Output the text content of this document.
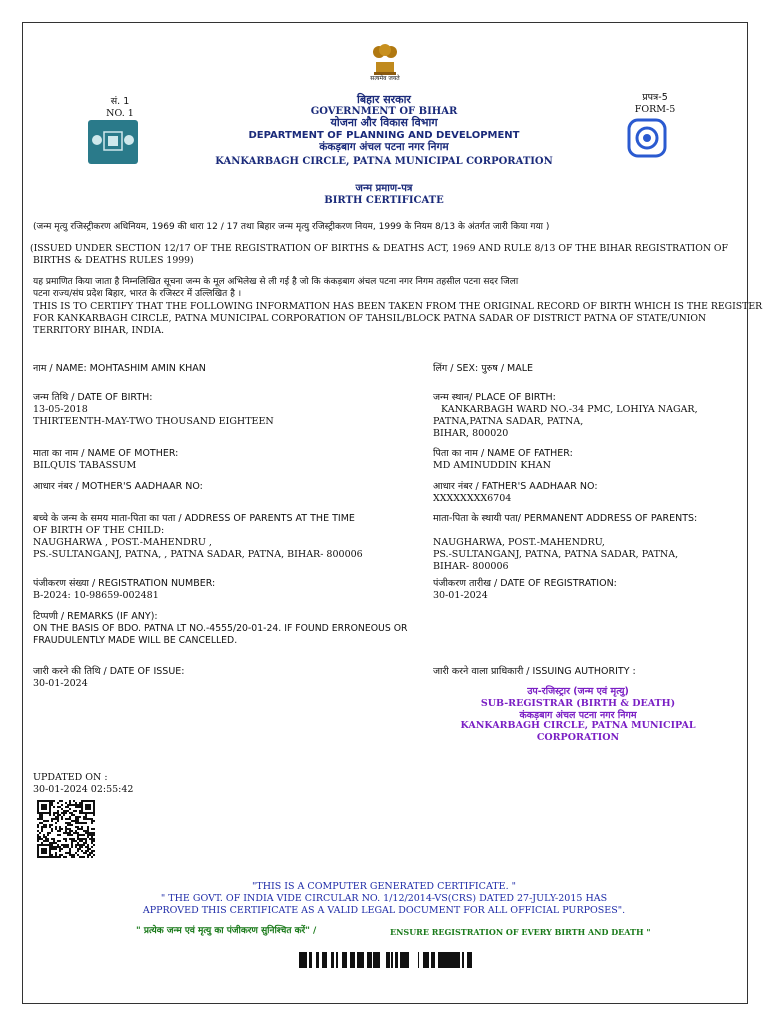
सत्यमेव जयते
सं. 1
NO. 1
प्रपत्र-5
FORM-5
बिहार सरकार
GOVERNMENT OF BIHAR
योजना और विकास विभाग
DEPARTMENT OF PLANNING AND DEVELOPMENT
कंकड़बाग अंचल पटना नगर निगम
KANKARBAGH CIRCLE, PATNA MUNICIPAL CORPORATION
जन्म प्रमाण-पत्र
BIRTH CERTIFICATE
(जन्म मृत्यु रजिस्ट्रीकरण अधिनियम, 1969 की धारा 12 / 17 तथा बिहार जन्म मृत्यु रजिस्ट्रीकरण नियम, 1999 के नियम 8/13 के अंतर्गत जारी किया गया )
(ISSUED UNDER SECTION 12/17 OF THE REGISTRATION OF BIRTHS & DEATHS ACT, 1969 AND RULE 8/13 OF THE BIHAR REGISTRATION OF
BIRTHS & DEATHS RULES 1999)
यह प्रमाणित किया जाता है निम्नलिखित सूचना जन्म के मूल अभिलेख से ली गई है जो कि कंकड़बाग अंचल पटना नगर निगम तहसील पटना सदर जिला
पटना राज्य/संघ प्रदेश बिहार, भारत के रजिस्टर में उल्लिखित है ।
THIS IS TO CERTIFY THAT THE FOLLOWING INFORMATION HAS BEEN TAKEN FROM THE ORIGINAL RECORD OF BIRTH WHICH IS THE REGISTER
FOR KANKARBAGH CIRCLE, PATNA MUNICIPAL CORPORATION OF TAHSIL/BLOCK PATNA SADAR OF DISTRICT PATNA OF STATE/UNION
TERRITORY BIHAR, INDIA.
नाम / NAME: MOHTASHIM AMIN KHAN
जन्म तिथि / DATE OF BIRTH:
13-05-2018
THIRTEENTH-MAY-TWO THOUSAND EIGHTEEN
माता का नाम / NAME OF MOTHER:
BILQUIS TABASSUM
आधार नंबर / MOTHER'S AADHAAR NO:
बच्चे के जन्म के समय माता-पिता का पता / ADDRESS OF PARENTS AT THE TIME
OF BIRTH OF THE CHILD:
NAUGHARWA , POST.-MAHENDRU ,
PS.-SULTANGANJ, PATNA, , PATNA SADAR, PATNA, BIHAR- 800006
पंजीकरण संख्या / REGISTRATION NUMBER:
B-2024: 10-98659-002481
टिप्पणी / REMARKS (IF ANY):
ON THE BASIS OF BDO. PATNA LT NO.-4555/20-01-24. IF FOUND ERRONEOUS OR
FRAUDULENTLY MADE WILL BE CANCELLED.
जारी करने की तिथि / DATE OF ISSUE:
30-01-2024
लिंग / SEX: पुरुष / MALE
जन्म स्थान/ PLACE OF BIRTH:
KANKARBAGH WARD NO.-34 PMC, LOHIYA NAGAR,
PATNA,PATNA SADAR, PATNA,
BIHAR, 800020
पिता का नाम / NAME OF FATHER:
MD AMINUDDIN KHAN
आधार नंबर / FATHER'S AADHAAR NO:
XXXXXXXX6704
माता-पिता के स्थायी पता/ PERMANENT ADDRESS OF PARENTS:
NAUGHARWA, POST.-MAHENDRU,
PS.-SULTANGANJ, PATNA, PATNA SADAR, PATNA,
BIHAR- 800006
पंजीकरण तारीख / DATE OF REGISTRATION:
30-01-2024
जारी करने वाला प्राधिकारी / ISSUING AUTHORITY :
उप-रजिस्ट्रार (जन्म एवं मृत्यु)
SUB-REGISTRAR (BIRTH & DEATH)
कंकड़बाग अंचल पटना नगर निगम
KANKARBAGH CIRCLE, PATNA MUNICIPAL
CORPORATION
UPDATED ON :
30-01-2024 02:55:42
"THIS IS A COMPUTER GENERATED CERTIFICATE. "
" THE GOVT. OF INDIA VIDE CIRCULAR NO. 1/12/2014-VS(CRS) DATED 27-JULY-2015 HAS
APPROVED THIS CERTIFICATE AS A VALID LEGAL DOCUMENT FOR ALL OFFICIAL PURPOSES".
" प्रत्येक जन्म एवं मृत्यु का पंजीकरण सुनिश्चित करें" /	ENSURE REGISTRATION OF EVERY BIRTH AND DEATH "
